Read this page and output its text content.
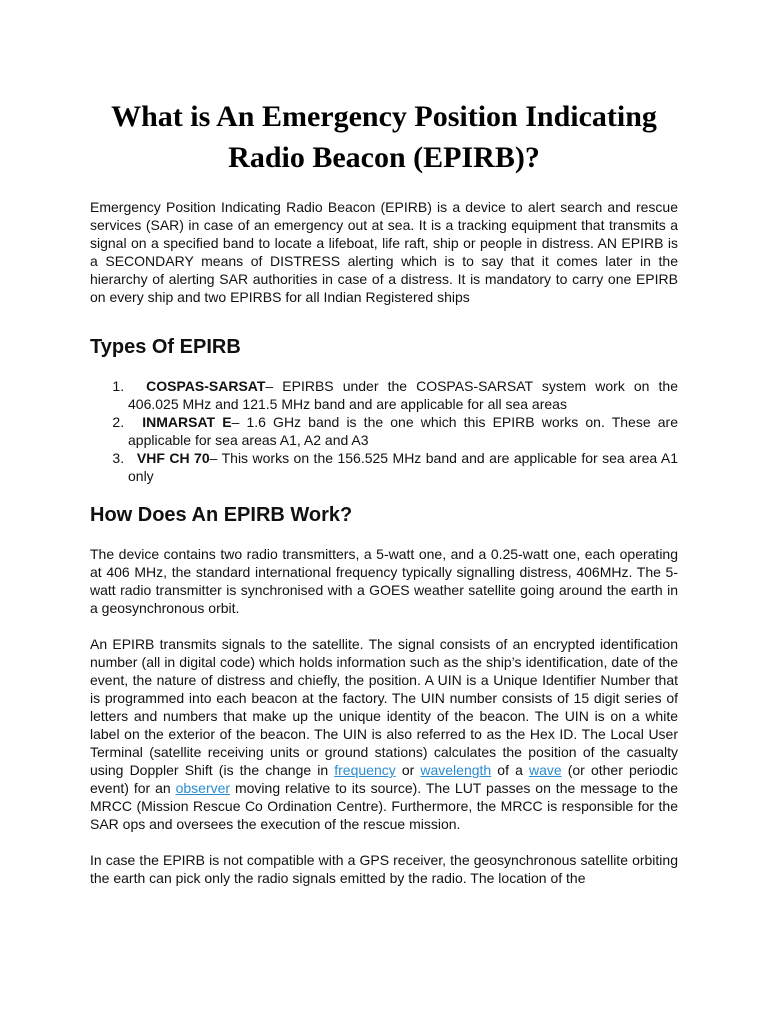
What is An Emergency Position Indicating Radio Beacon (EPIRB)?

Emergency Position Indicating Radio Beacon (EPIRB) is a device to alert search and rescue services (SAR) in case of an emergency out at sea. It is a tracking equipment that transmits a signal on a specified band to locate a lifeboat, life raft, ship or people in distress. AN EPIRB is a SECONDARY means of DISTRESS alerting which is to say that it comes later in the hierarchy of alerting SAR authorities in case of a distress. It is mandatory to carry one EPIRB on every ship and two EPIRBS for all Indian Registered ships

Types Of EPIRB
1. COSPAS-SARSAT– EPIRBS under the COSPAS-SARSAT system work on the 406.025 MHz and 121.5 MHz band and are applicable for all sea areas
2. INMARSAT E– 1.6 GHz band is the one which this EPIRB works on. These are applicable for sea areas A1, A2 and A3
3. VHF CH 70– This works on the 156.525 MHz band and are applicable for sea area A1 only
How Does An EPIRB Work?

The device contains two radio transmitters, a 5-watt one, and a 0.25-watt one, each operating at 406 MHz, the standard international frequency typically signalling distress, 406MHz. The 5-watt radio transmitter is synchronised with a GOES weather satellite going around the earth in a geosynchronous orbit.

An EPIRB transmits signals to the satellite. The signal consists of an encrypted identification number (all in digital code) which holds information such as the ship’s identification, date of the event, the nature of distress and chiefly, the position. A UIN is a Unique Identifier Number that is programmed into each beacon at the factory. The UIN number consists of 15 digit series of letters and numbers that make up the unique identity of the beacon. The UIN is on a white label on the exterior of the beacon. The UIN is also referred to as the Hex ID. The Local User Terminal (satellite receiving units or ground stations) calculates the position of the casualty using Doppler Shift (is the change in frequency or wavelength of a wave (or other periodic event) for an observer moving relative to its source). The LUT passes on the message to the MRCC (Mission Rescue Co Ordination Centre). Furthermore, the MRCC is responsible for the SAR ops and oversees the execution of the rescue mission.

In case the EPIRB is not compatible with a GPS receiver, the geosynchronous satellite orbiting the earth can pick only the radio signals emitted by the radio. The location of the
